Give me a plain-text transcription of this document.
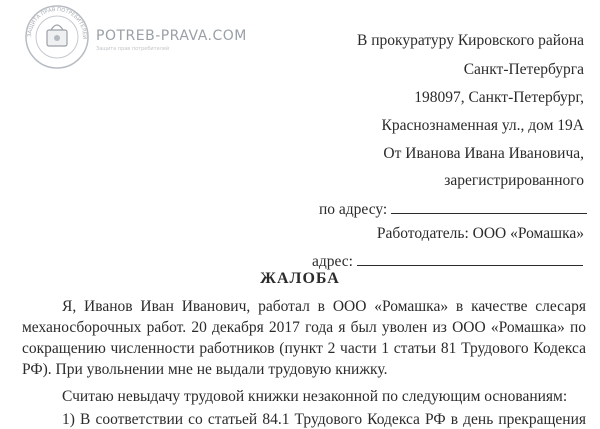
ЗАЩИТА ПРАВ ПОТРЕБИТЕЛЕЙ POTREB-PRAVA.COM
Защита прав потребителей	В прокуратуру Кировского района
Санкт-Петербурга
198097, Санкт-Петербург,
Краснознаменная ул., дом 19А
От Иванова Ивана Ивановича,
зарегистрированного
по адресу:
Работодатель: ООО «Ромашка»
адрес:
ЖАЛОБА
Я, Иванов Иван Иванович, работал в ООО «Ромашка» в качестве слесаря
механосборочных работ. 20 декабря 2017 года я был уволен из ООО «Ромашка» по
сокращению численности работников (пункт 2 части 1 статьи 81 Трудового Кодекса
РФ). При увольнении мне не выдали трудовую книжку.
Считаю невыдачу трудовой книжки незаконной по следующим основаниям:
1) В соответствии со статьей 84.1 Трудового Кодекса РФ в день прекращения
